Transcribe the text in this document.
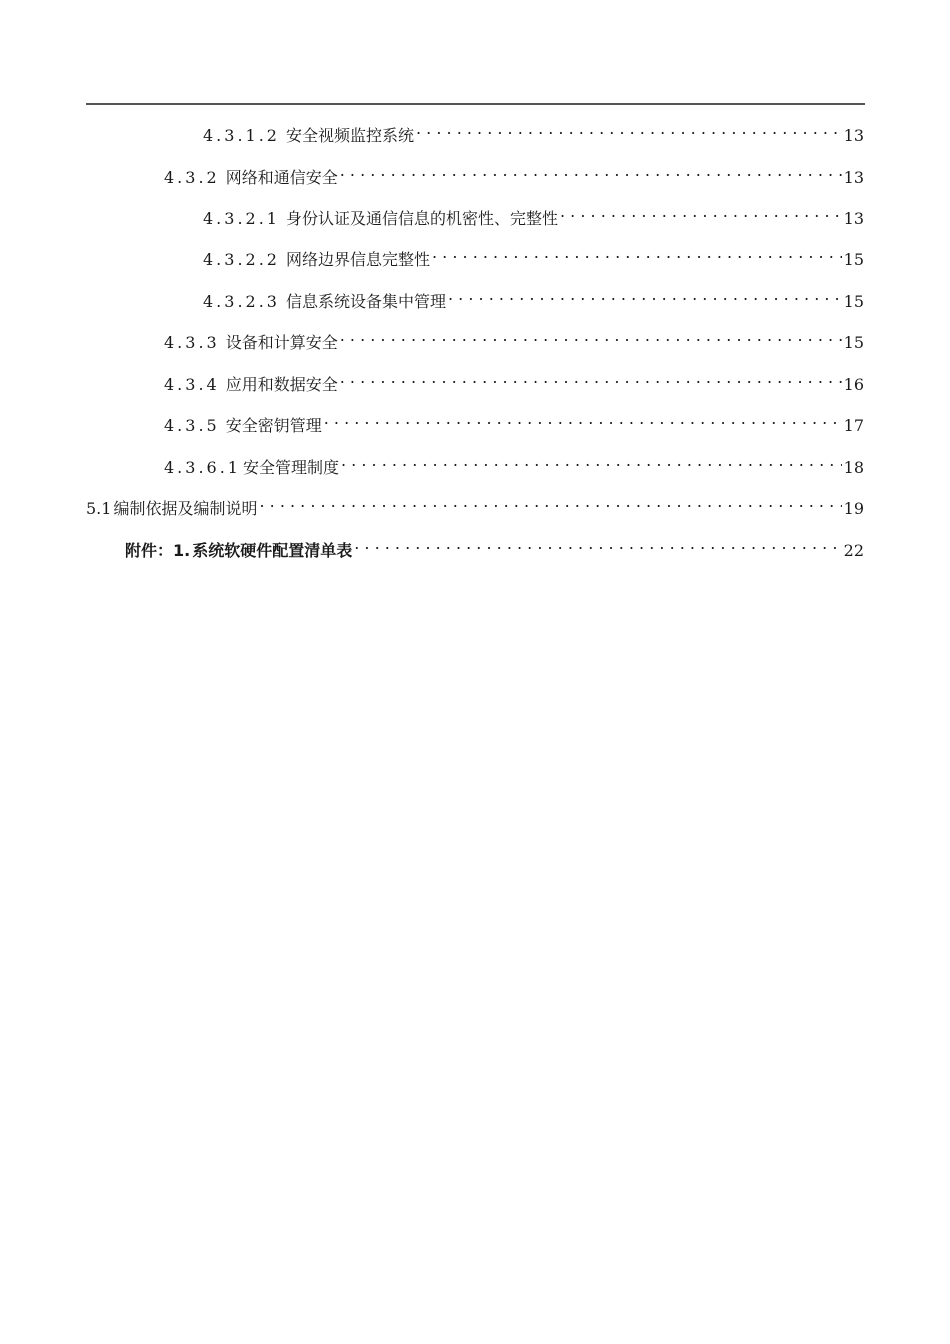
4.3.1.2 安全视频监控系统 . . .	13
4.3.2 网络和通信安全 . . .	13
4.3.2.1 身份认证及通信信息的机密性、完整性 . . .	13
4.3.2.2 网络边界信息完整性 . . .	15
4.3.2.3 信息系统设备集中管理 . . .	15
4.3.3 设备和计算安全 . . .	15
4.3.4 应用和数据安全 . . .	16
4.3.5 安全密钥管理 . . .	17
4.3.6.1 安全管理制度 . . .	18
5.1 编制依据及编制说明 . . .	19
附件：1. 系统软硬件配置清单表 . . .	22
